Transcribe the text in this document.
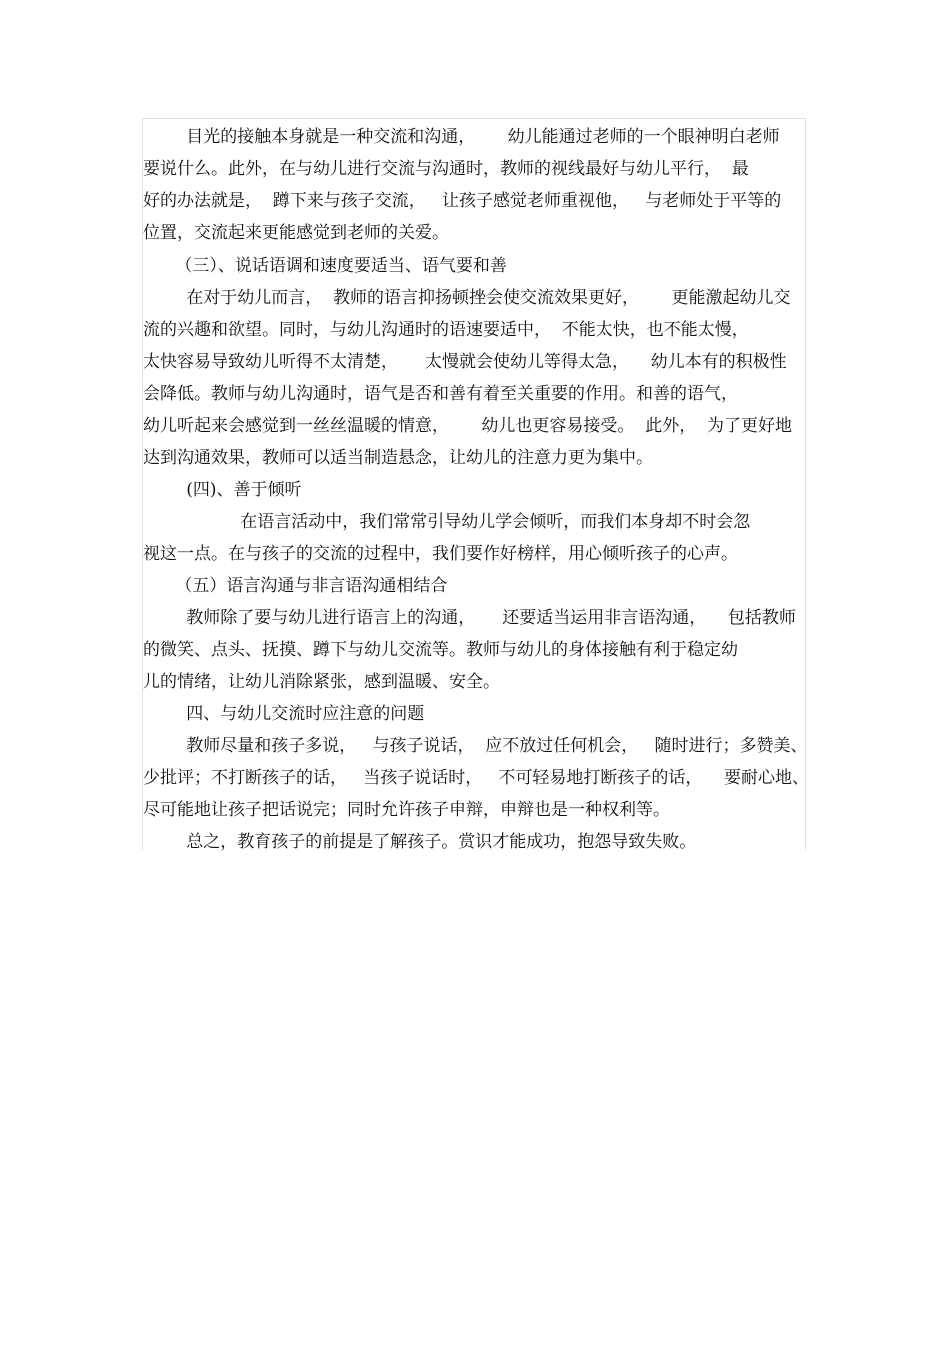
目光的接触本身就是一种交流和沟通，      幼儿能通过老师的一个眼神明白老师
要说什么。此外，在与幼儿进行交流与沟通时，教师的视线最好与幼儿平行，  最
好的办法就是，  蹲下来与孩子交流，   让孩子感觉老师重视他，   与老师处于平等的
位置，交流起来更能感觉到老师的关爱。
（三）、说话语调和速度要适当、语气要和善
在对于幼儿而言，  教师的语言抑扬顿挫会使交流效果更好，      更能激起幼儿交
流的兴趣和欲望。同时，与幼儿沟通时的语速要适中，  不能太快，也不能太慢，
太快容易导致幼儿听得不太清楚，     太慢就会使幼儿等得太急，    幼儿本有的积极性
会降低。教师与幼儿沟通时，语气是否和善有着至关重要的作用。和善的语气，
幼儿听起来会感觉到一丝丝温暖的情意，      幼儿也更容易接受。  此外，  为了更好地
达到沟通效果，教师可以适当制造悬念，让幼儿的注意力更为集中。
(四)、善于倾听
在语言活动中，我们常常引导幼儿学会倾听，而我们本身却不时会忽
视这一点。在与孩子的交流的过程中，我们要作好榜样，用心倾听孩子的心声。
（五）语言沟通与非言语沟通相结合
教师除了要与幼儿进行语言上的沟通，     还要适当运用非言语沟通，    包括教师
的微笑、点头、抚摸、蹲下与幼儿交流等。教师与幼儿的身体接触有利于稳定幼
儿的情绪，让幼儿消除紧张，感到温暖、安全。
四、与幼儿交流时应注意的问题
教师尽量和孩子多说，   与孩子说话，  应不放过任何机会，   随时进行；多赞美、
少批评；不打断孩子的话，   当孩子说话时，   不可轻易地打断孩子的话，    要耐心地、
尽可能地让孩子把话说完；同时允许孩子申辩，申辩也是一种权利等。
总之，教育孩子的前提是了解孩子。赏识才能成功，抱怨导致失败。
